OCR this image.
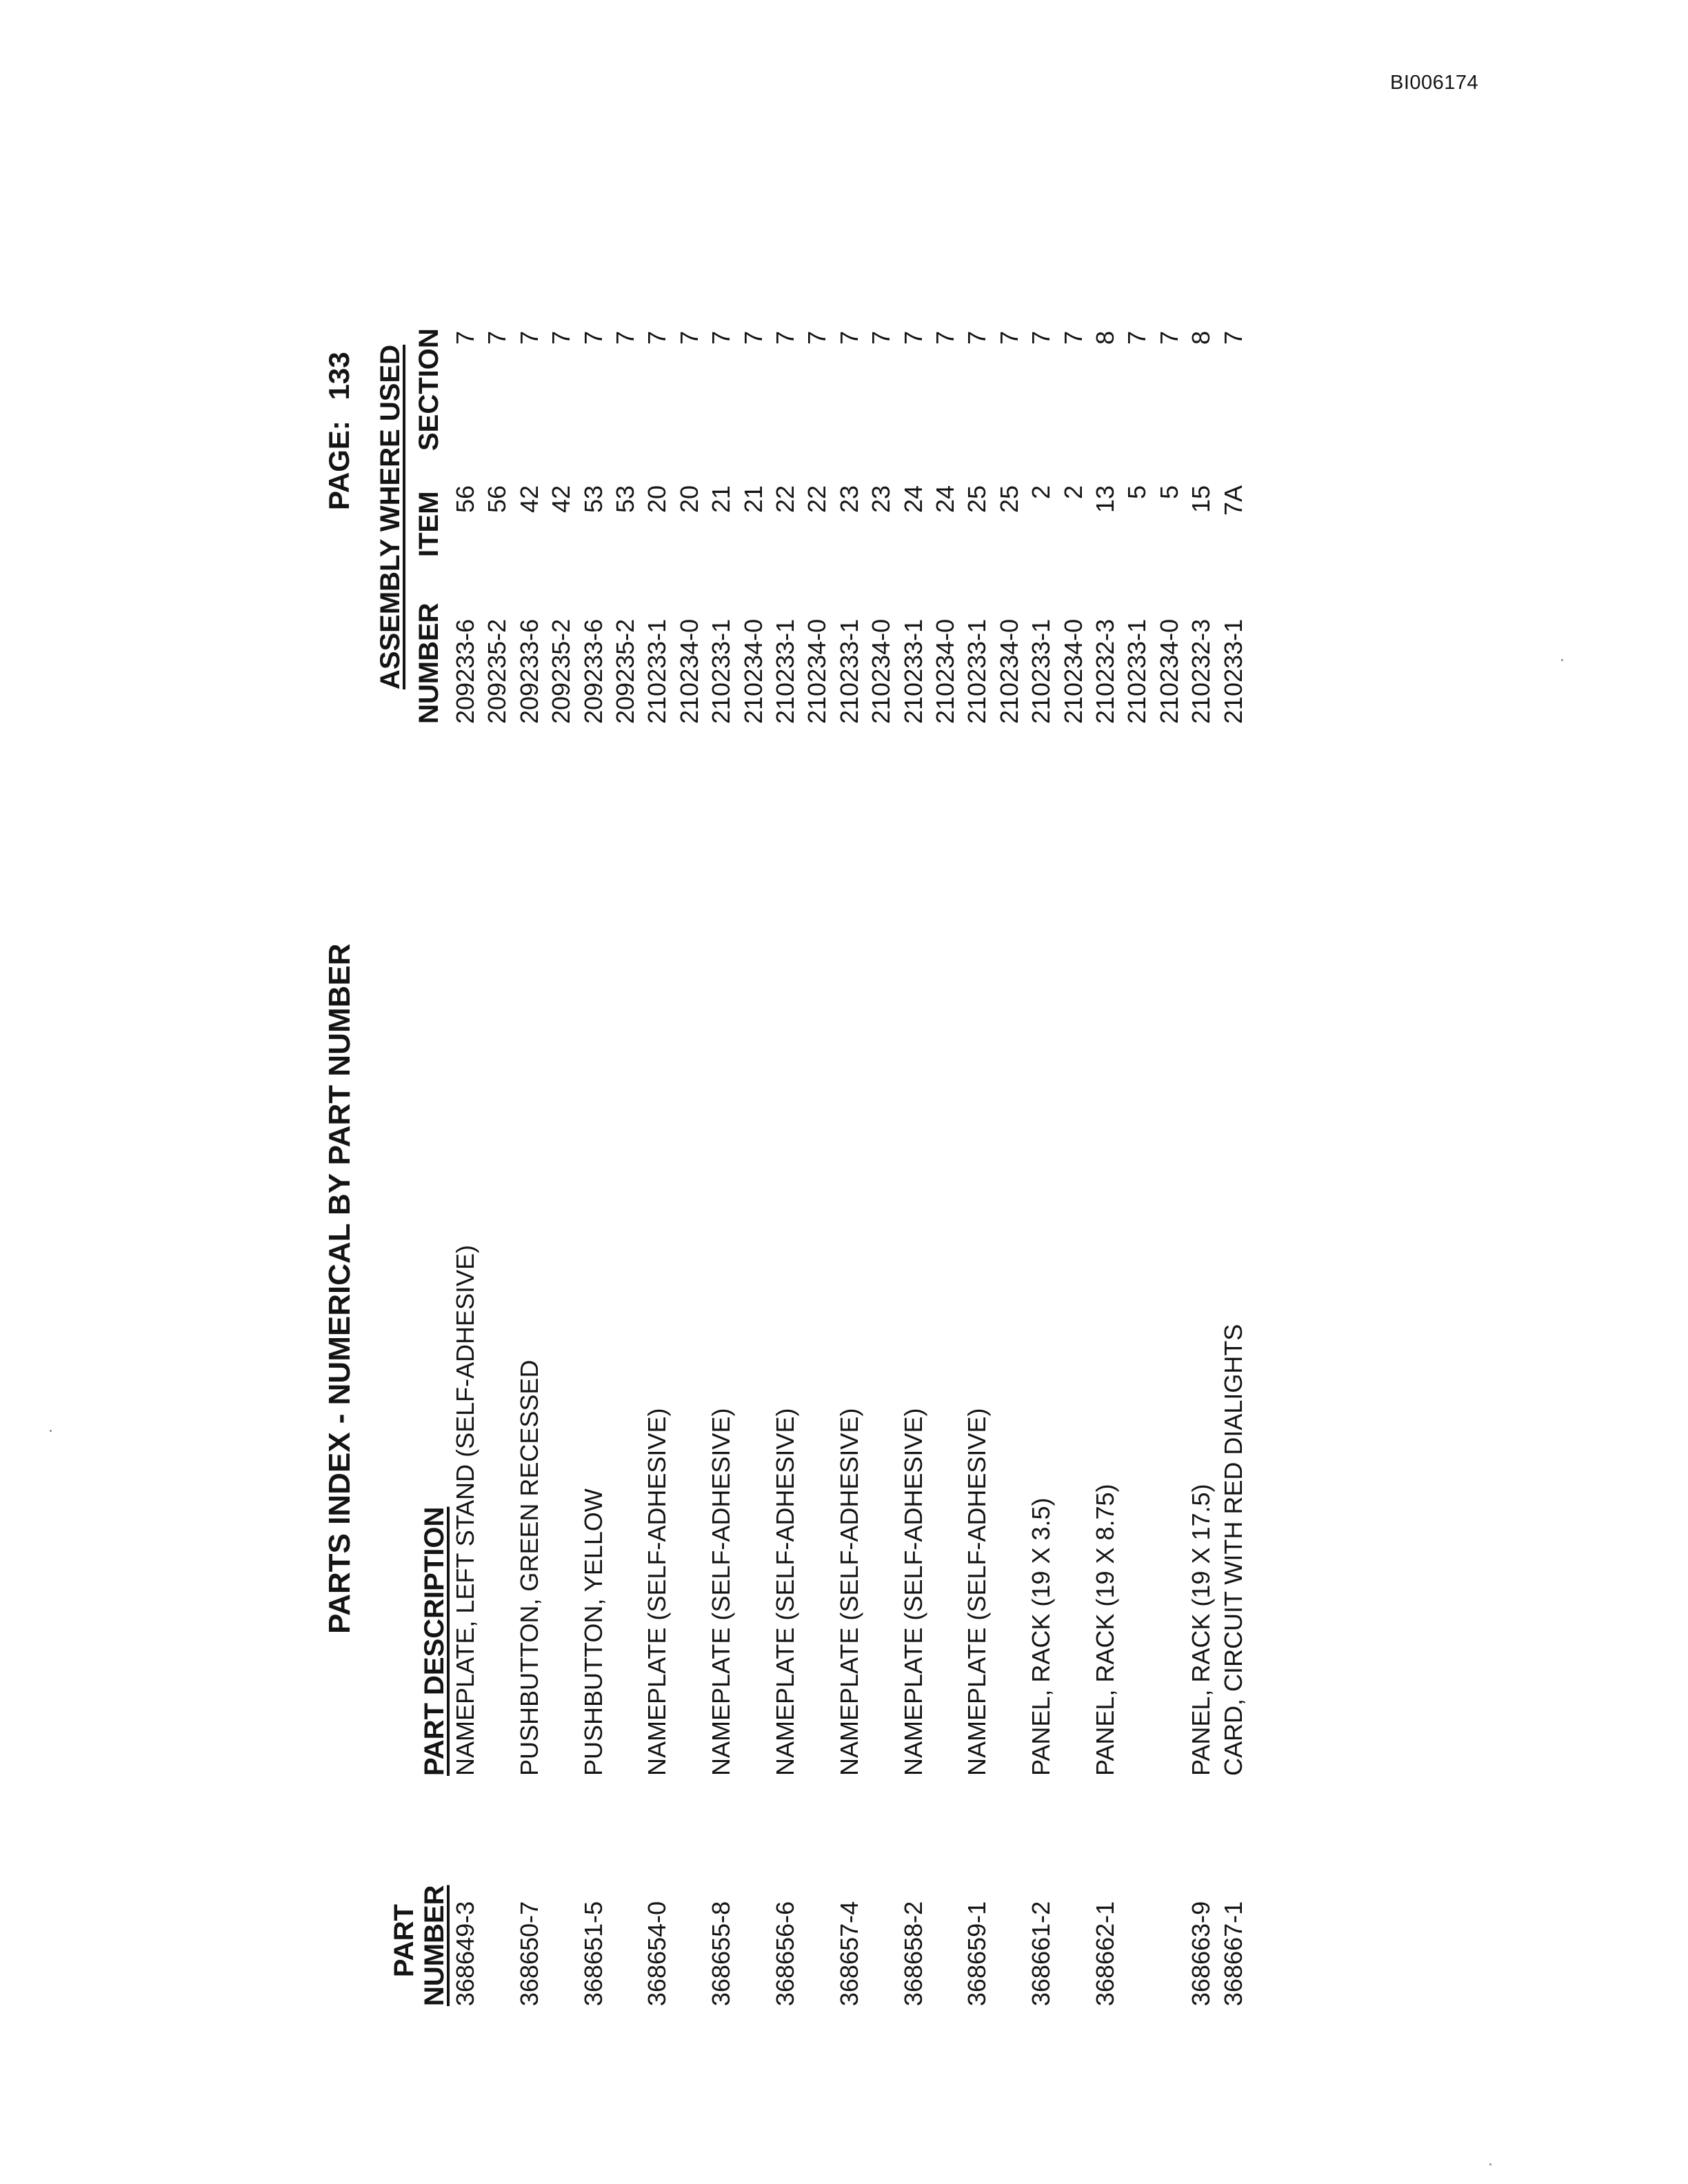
BI006174
PARTS INDEX - NUMERICAL BY PART NUMBER
PAGE: 133
PART NUMBER
PART DESCRIPTION
ASSEMBLY WHERE USED NUMBER
ITEM
SECTION
368649-3
NAMEPLATE, LEFT STAND (SELF-ADHESIVE)
209233-6
56
7
209235-2
56
7
368650-7
PUSHBUTTON, GREEN RECESSED
209233-6
42
7
209235-2
42
7
368651-5
PUSHBUTTON, YELLOW
209233-6
53
7
209235-2
53
7
368654-0
NAMEPLATE (SELF-ADHESIVE)
210233-1
20
7
210234-0
20
7
368655-8
NAMEPLATE (SELF-ADHESIVE)
210233-1
21
7
210234-0
21
7
368656-6
NAMEPLATE (SELF-ADHESIVE)
210233-1
22
7
210234-0
22
7
368657-4
NAMEPLATE (SELF-ADHESIVE)
210233-1
23
7
210234-0
23
7
368658-2
NAMEPLATE (SELF-ADHESIVE)
210233-1
24
7
210234-0
24
7
368659-1
NAMEPLATE (SELF-ADHESIVE)
210233-1
25
7
210234-0
25
7
368661-2
PANEL, RACK (19 X 3.5)
210233-1
2
7
210234-0
2
7
368662-1
PANEL, RACK (19 X 8.75)
210232-3
13
8
210233-1
5
7
210234-0
5
7
368663-9
PANEL, RACK (19 X 17.5)
210232-3
15
8
368667-1
CARD, CIRCUIT WITH RED DIALIGHTS
210233-1
7A
7
